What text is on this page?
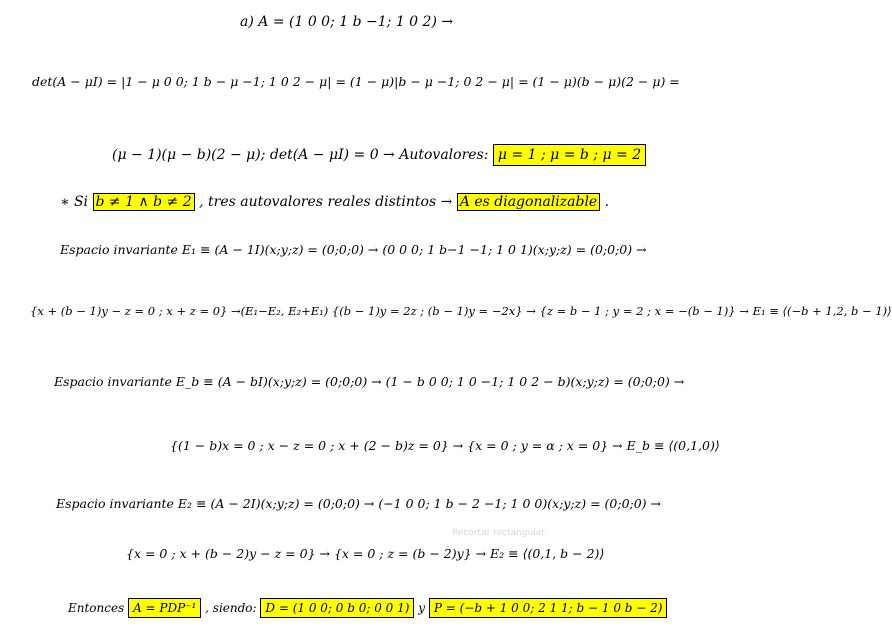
a) A = (1 0 0; 1 b −1; 1 0 2) →
det(A − μI) = |1 − μ 0 0; 1 b − μ −1; 1 0 2 − μ| = (1 − μ)|b − μ −1; 0 2 − μ| = (1 − μ)(b − μ)(2 − μ) =
(μ − 1)(μ − b)(2 − μ); det(A − μI) = 0 → Autovalores: μ = 1 ; μ = b ; μ = 2
∗ Si b ≠ 1 ∧ b ≠ 2 , tres autovalores reales distintos → A es diagonalizable .
Espacio invariante E₁ ≡ (A − 1I)(x;y;z) = (0;0;0) → (0 0 0; 1 b−1 −1; 1 0 1)(x;y;z) = (0;0;0) →
{x + (b − 1)y − z = 0 ; x + z = 0} →(E₁−E₂, E₂+E₁) {(b − 1)y = 2z ; (b − 1)y = −2x} → {z = b − 1 ; y = 2 ; x = −(b − 1)} → E₁ ≡ ⟨(−b + 1,2, b − 1)⟩
Espacio invariante E_b ≡ (A − bI)(x;y;z) = (0;0;0) → (1 − b 0 0; 1 0 −1; 1 0 2 − b)(x;y;z) = (0;0;0) →
{(1 − b)x = 0 ; x − z = 0 ; x + (2 − b)z = 0} → {x = 0 ; y = α ; x = 0} → E_b ≡ ⟨(0,1,0)⟩
Espacio invariante E₂ ≡ (A − 2I)(x;y;z) = (0;0;0) → (−1 0 0; 1 b − 2 −1; 1 0 0)(x;y;z) = (0;0;0) →
Recortar rectangular
{x = 0 ; x + (b − 2)y − z = 0} → {x = 0 ; z = (b − 2)y} → E₂ ≡ ⟨(0,1, b − 2)⟩
Entonces A = PDP⁻¹ , siendo: D = (1 0 0; 0 b 0; 0 0 1) y P = (−b + 1 0 0; 2 1 1; b − 1 0 b − 2)
